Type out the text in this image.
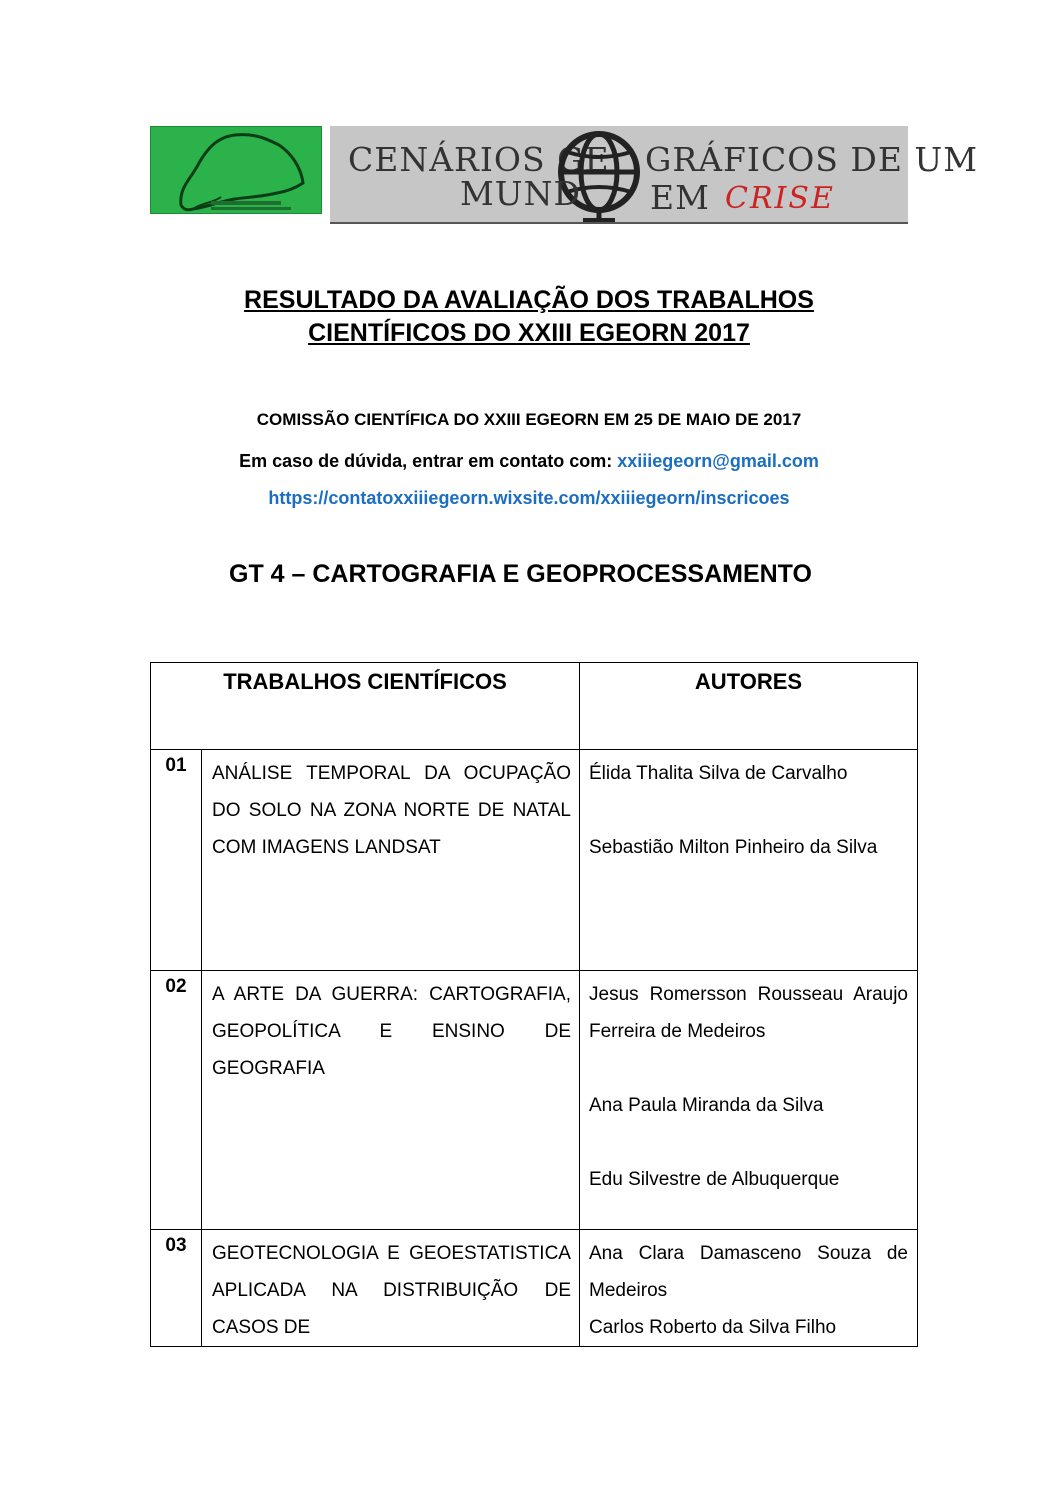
CENÁRIOS GE GRÁFICOS DE UM
MUND EM CRISE
RESULTADO DA AVALIAÇÃO DOS TRABALHOS
CIENTÍFICOS DO XXIII EGEORN 2017
COMISSÃO CIENTÍFICA DO XXIII EGEORN EM 25 DE MAIO DE 2017
Em caso de dúvida, entrar em contato com: xxiiiegeorn@gmail.com
https://contatoxxiiiegeorn.wixsite.com/xxiiiegeorn/inscricoes
GT 4 – CARTOGRAFIA E GEOPROCESSAMENTO
TRABALHOS CIENTÍFICOS		AUTORES
01	ANÁLISE TEMPORAL DA OCUPAÇÃO DO SOLO NA ZONA NORTE DE NATAL COM IMAGENS LANDSAT	Élida Thalita Silva de Carvalho
Sebastião Milton Pinheiro da Silva

02	A ARTE DA GUERRA: CARTOGRAFIA, GEOPOLÍTICA E ENSINO DE GEOGRAFIA	Jesus Romersson Rousseau Araujo Ferreira de Medeiros
Ana Paula Miranda da Silva
Edu Silvestre de Albuquerque

03	GEOTECNOLOGIA E GEOESTATISTICA APLICADA NA DISTRIBUIÇÃO DE CASOS DE	Ana Clara Damasceno Souza de Medeiros
Carlos Roberto da Silva Filho
